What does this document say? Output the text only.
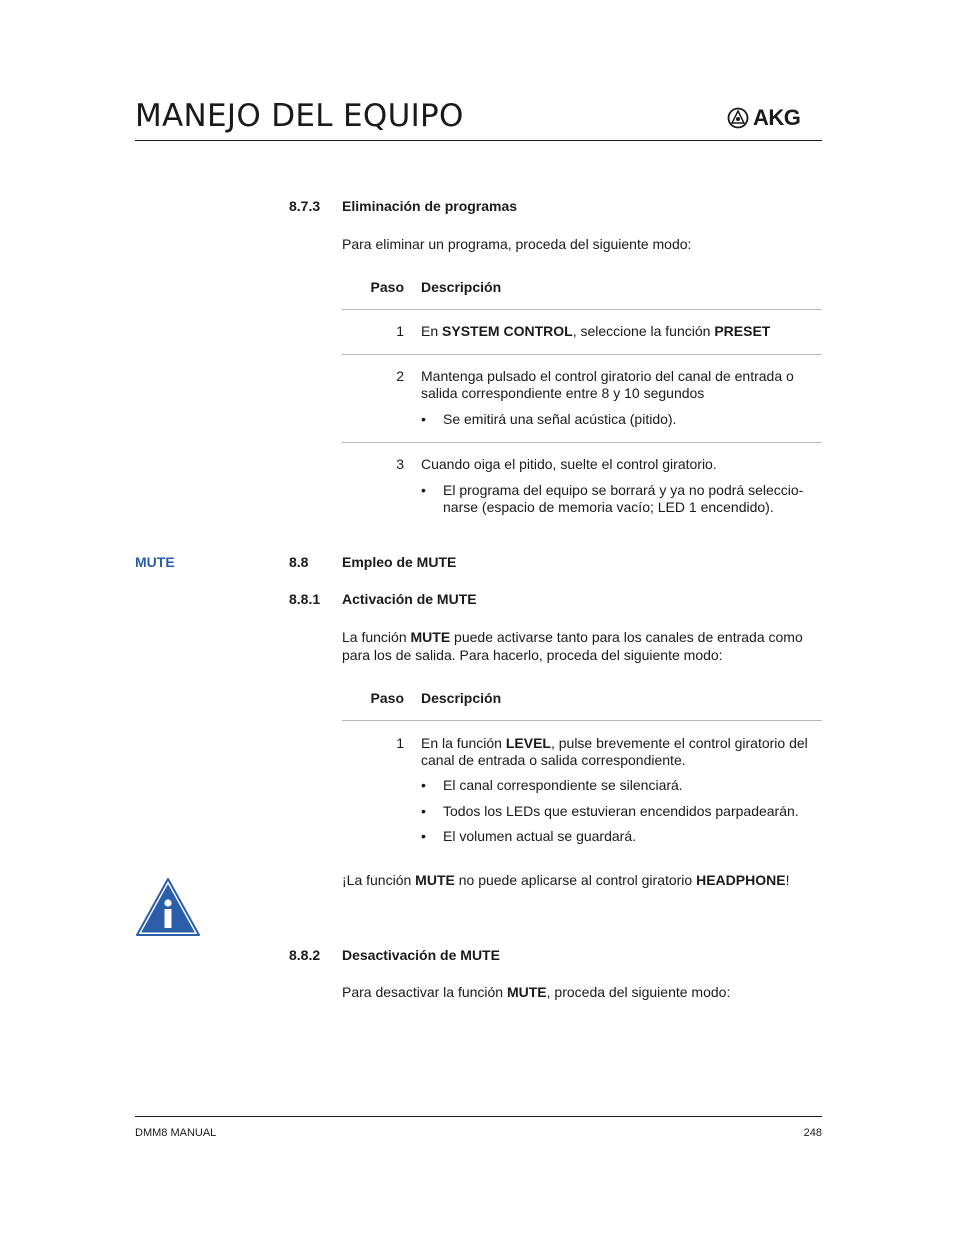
MANEJO DEL EQUIPO	AKG
8.7.3 Eliminación de programas
Para eliminar un programa, proceda del siguiente modo:
Paso Descripción
1 En SYSTEM CONTROL, seleccione la función PRESET
2 Mantenga pulsado el control giratorio del canal de entrada o salida correspondiente entre 8 y 10 segundos
•	Se emitirá una señal acústica (pitido).
3 Cuando oiga el pitido, suelte el control giratorio.
•	El programa del equipo se borrará y ya no podrá seleccio-narse (espacio de memoria vacío; LED 1 encendido).
MUTE	8.8 Empleo de MUTE
8.8.1 Activación de MUTE
La función MUTE puede activarse tanto para los canales de entrada como para los de salida. Para hacerlo, proceda del siguiente modo:
Paso Descripción
1 En la función LEVEL, pulse brevemente el control giratorio del canal de entrada o salida correspondiente.
•	El canal correspondiente se silenciará.
•	Todos los LEDs que estuvieran encendidos parpadearán.
•	El volumen actual se guardará.
¡La función MUTE no puede aplicarse al control giratorio HEADPHONE!
8.8.2 Desactivación de MUTE
Para desactivar la función MUTE, proceda del siguiente modo:
DMM8 MANUAL	248
